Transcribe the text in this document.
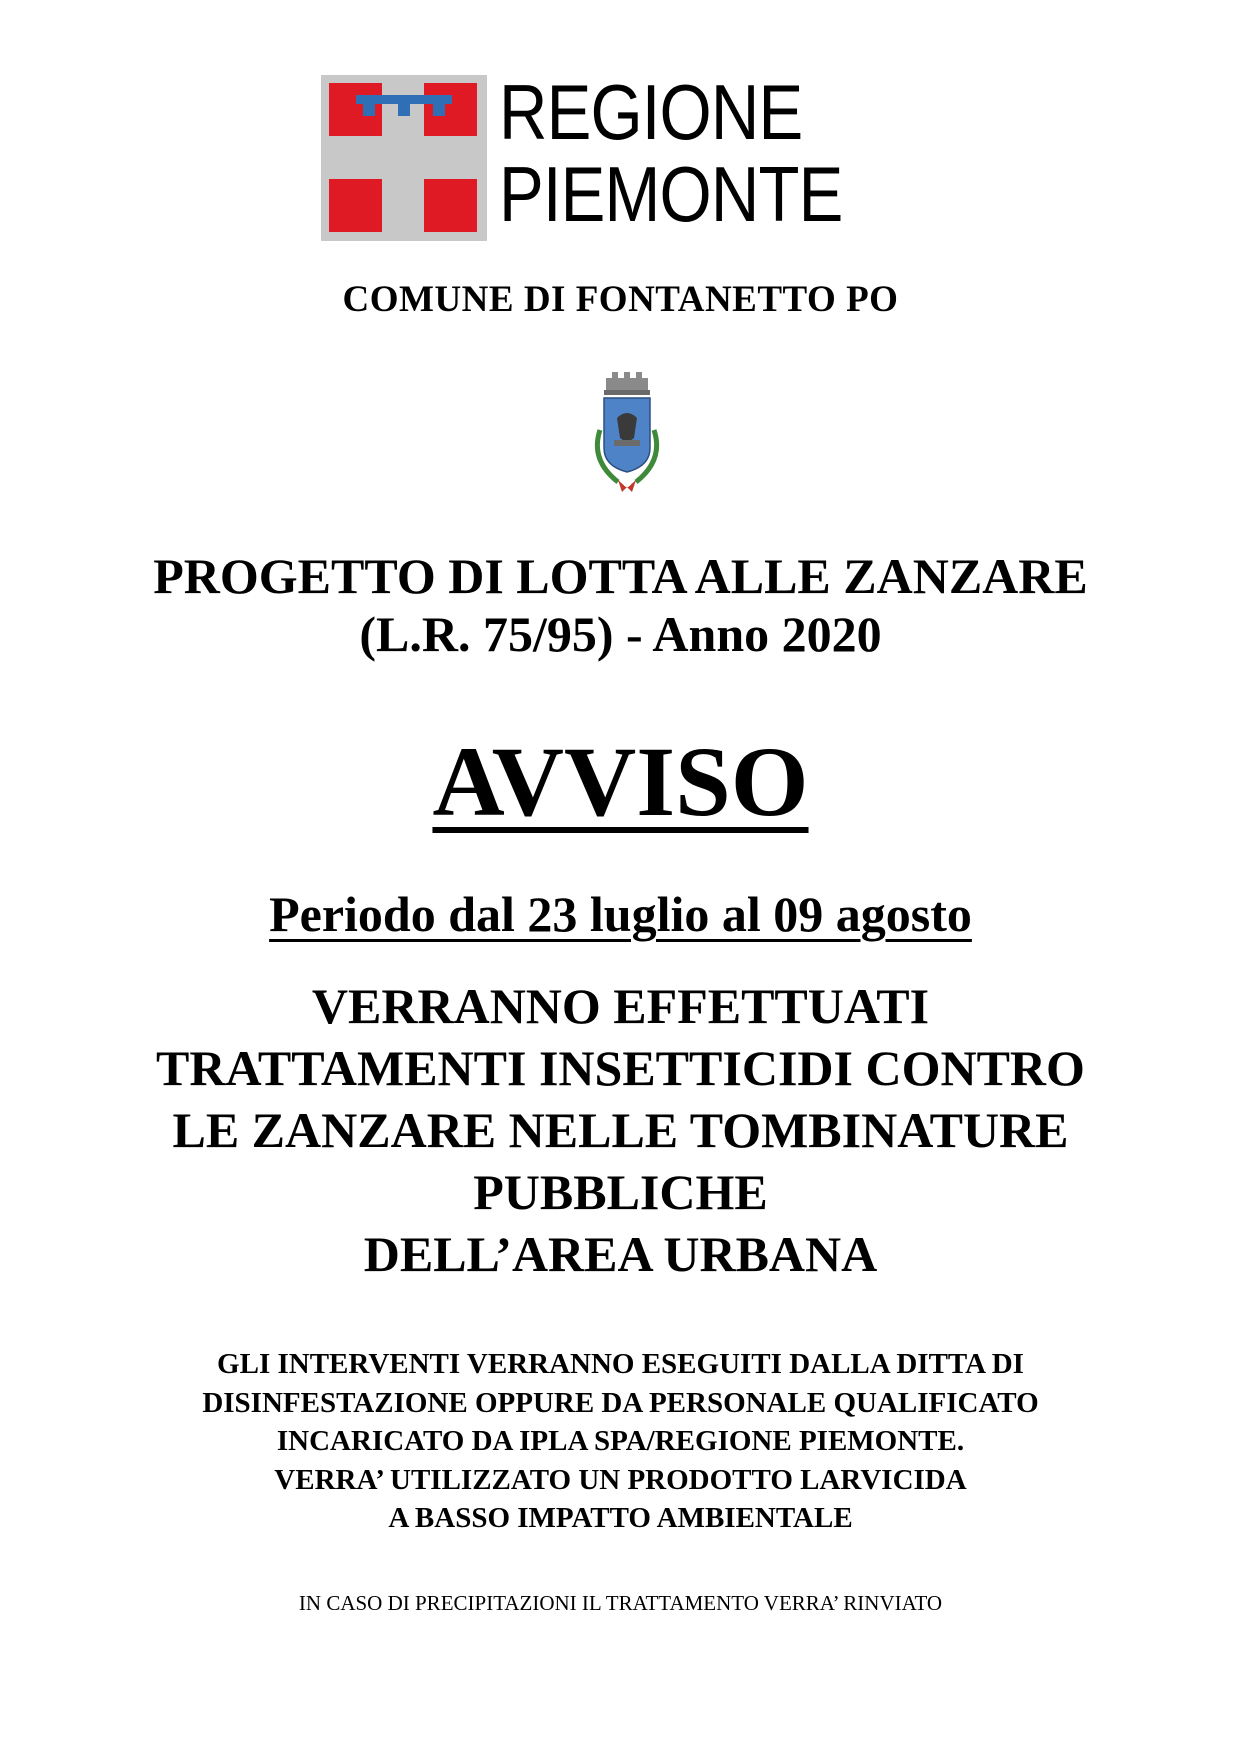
REGIONE
PIEMONTE
COMUNE DI FONTANETTO PO
PROGETTO DI LOTTA ALLE ZANZARE
(L.R. 75/95) - Anno 2020
AVVISO
Periodo dal 23 luglio al 09 agosto
VERRANNO EFFETTUATI
TRATTAMENTI INSETTICIDI CONTRO
LE ZANZARE NELLE TOMBINATURE
PUBBLICHE
DELL’AREA URBANA
GLI INTERVENTI VERRANNO ESEGUITI DALLA DITTA DI
DISINFESTAZIONE OPPURE DA PERSONALE QUALIFICATO
INCARICATO DA IPLA SPA/REGIONE PIEMONTE.
VERRA’ UTILIZZATO UN PRODOTTO LARVICIDA
A BASSO IMPATTO AMBIENTALE
IN CASO DI PRECIPITAZIONI IL TRATTAMENTO VERRA’ RINVIATO
